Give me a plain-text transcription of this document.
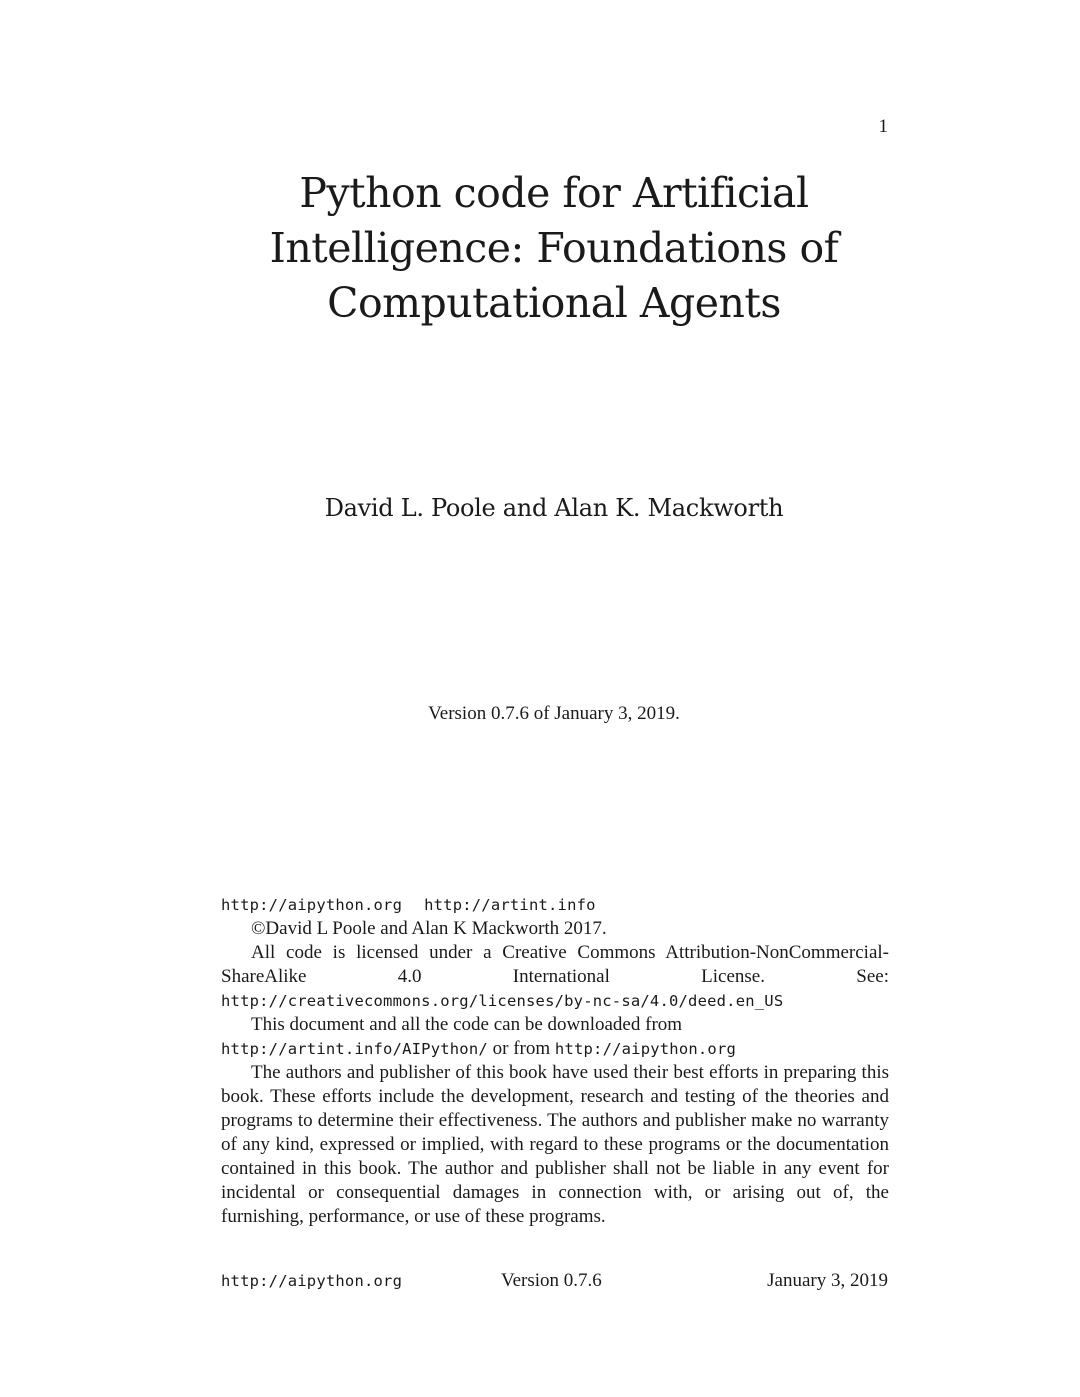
1
Python code for Artificial
Intelligence: Foundations of
Computational Agents
David L. Poole and Alan K. Mackworth
Version 0.7.6 of January 3, 2019.

http://aipython.org http://artint.info

©David L Poole and Alan K Mackworth 2017.

All code is licensed under a Creative Commons Attribution-NonCommercial-ShareAlike 4.0 International License. See: http://creativecommons.org/licenses/by-nc-sa/4.0/deed.en_US

This document and all the code can be downloaded from

http://artint.info/AIPython/ or from http://aipython.org

The authors and publisher of this book have used their best efforts in preparing this book. These efforts include the development, research and testing of the theories and programs to determine their effectiveness. The authors and publisher make no warranty of any kind, expressed or implied, with regard to these programs or the documentation contained in this book. The author and publisher shall not be liable in any event for incidental or consequential damages in connection with, or arising out of, the furnishing, performance, or use of these programs.

http://aipython.org	Version 0.7.6	January 3, 2019
